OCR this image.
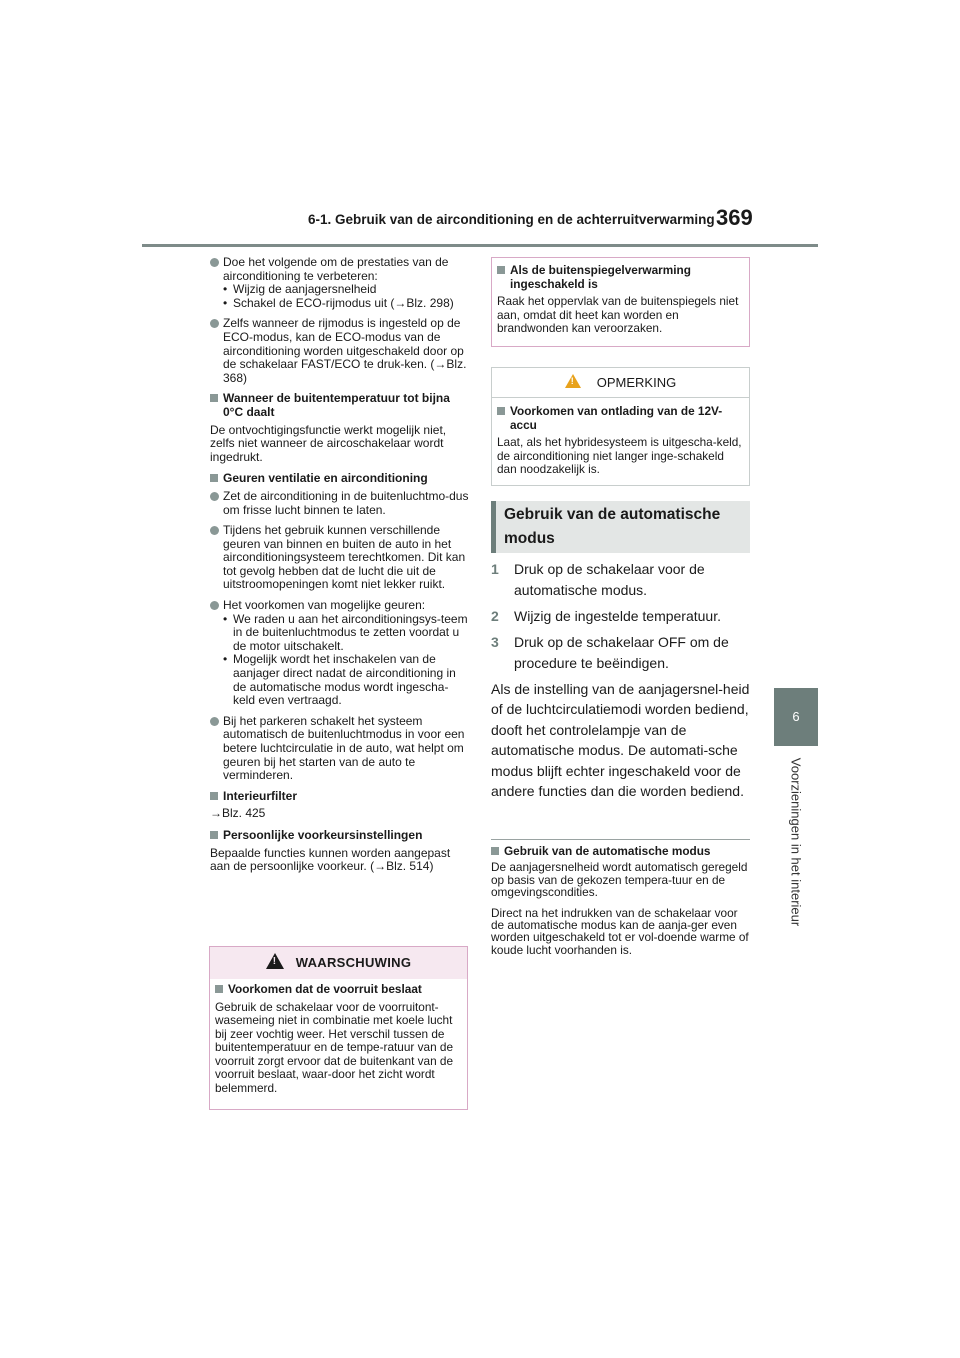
6-1. Gebruik van de airconditioning en de achterruitverwarming 369
6
Voorzieningen in het interieur
Doe het volgende om de prestaties van de airconditioning te verbeteren:
• Wijzig de aanjagersnelheid
• Schakel de ECO-rijmodus uit (→Blz. 298)
Zelfs wanneer de rijmodus is ingesteld op de ECO-modus, kan de ECO-modus van de airconditioning worden uitgeschakeld door op de schakelaar FAST/ECO te druk-ken. (→Blz. 368)
Wanneer de buitentemperatuur tot bijna 0°C daalt
De ontvochtigingsfunctie werkt mogelijk niet, zelfs niet wanneer de aircoschakelaar wordt ingedrukt.
Geuren ventilatie en airconditioning
Zet de airconditioning in de buitenluchtmo-dus om frisse lucht binnen te laten.
Tijdens het gebruik kunnen verschillende geuren van binnen en buiten de auto in het airconditioningsysteem terechtkomen. Dit kan tot gevolg hebben dat de lucht die uit de uitstroomopeningen komt niet lekker ruikt.
Het voorkomen van mogelijke geuren:
• We raden u aan het airconditioningsys-teem in de buitenluchtmodus te zetten voordat u de motor uitschakelt.
• Mogelijk wordt het inschakelen van de aanjager direct nadat de airconditioning in de automatische modus wordt ingescha-keld even vertraagd.
Bij het parkeren schakelt het systeem automatisch de buitenluchtmodus in voor een betere luchtcirculatie in de auto, wat helpt om geuren bij het starten van de auto te verminderen.
Interieurfilter
→Blz. 425
Persoonlijke voorkeursinstellingen
Bepaalde functies kunnen worden aangepast aan de persoonlijke voorkeur. (→Blz. 514)
! WAARSCHUWING
Voorkomen dat de voorruit beslaat
Gebruik de schakelaar voor de voorruitont-wasemeing niet in combinatie met koele lucht bij zeer vochtig weer. Het verschil tussen de buitentemperatuur en de tempe-ratuur van de voorruit zorgt ervoor dat de buitenkant van de voorruit beslaat, waar-door het zicht wordt belemmerd.
Als de buitenspiegelverwarming ingeschakeld is
Raak het oppervlak van de buitenspiegels niet aan, omdat dit heet kan worden en brandwonden kan veroorzaken.
! OPMERKING
Voorkomen van ontlading van de 12V-accu
Laat, als het hybridesysteem is uitgescha-keld, de airconditioning niet langer inge-schakeld dan noodzakelijk is.
Gebruik van de automatische modus
1 Druk op de schakelaar voor de automatische modus.
2 Wijzig de ingestelde temperatuur.
3 Druk op de schakelaar OFF om de procedure te beëindigen.
Als de instelling van de aanjagersnel-heid of de luchtcirculatiemodi worden bediend, dooft het controlelampje van de automatische modus. De automati-sche modus blijft echter ingeschakeld voor de andere functies dan die worden bediend.
Gebruik van de automatische modus
De aanjagersnelheid wordt automatisch geregeld op basis van de gekozen tempera-tuur en de omgevingscondities.
Direct na het indrukken van de schakelaar voor de automatische modus kan de aanja-ger even worden uitgeschakeld tot er vol-doende warme of koude lucht voorhanden is.
